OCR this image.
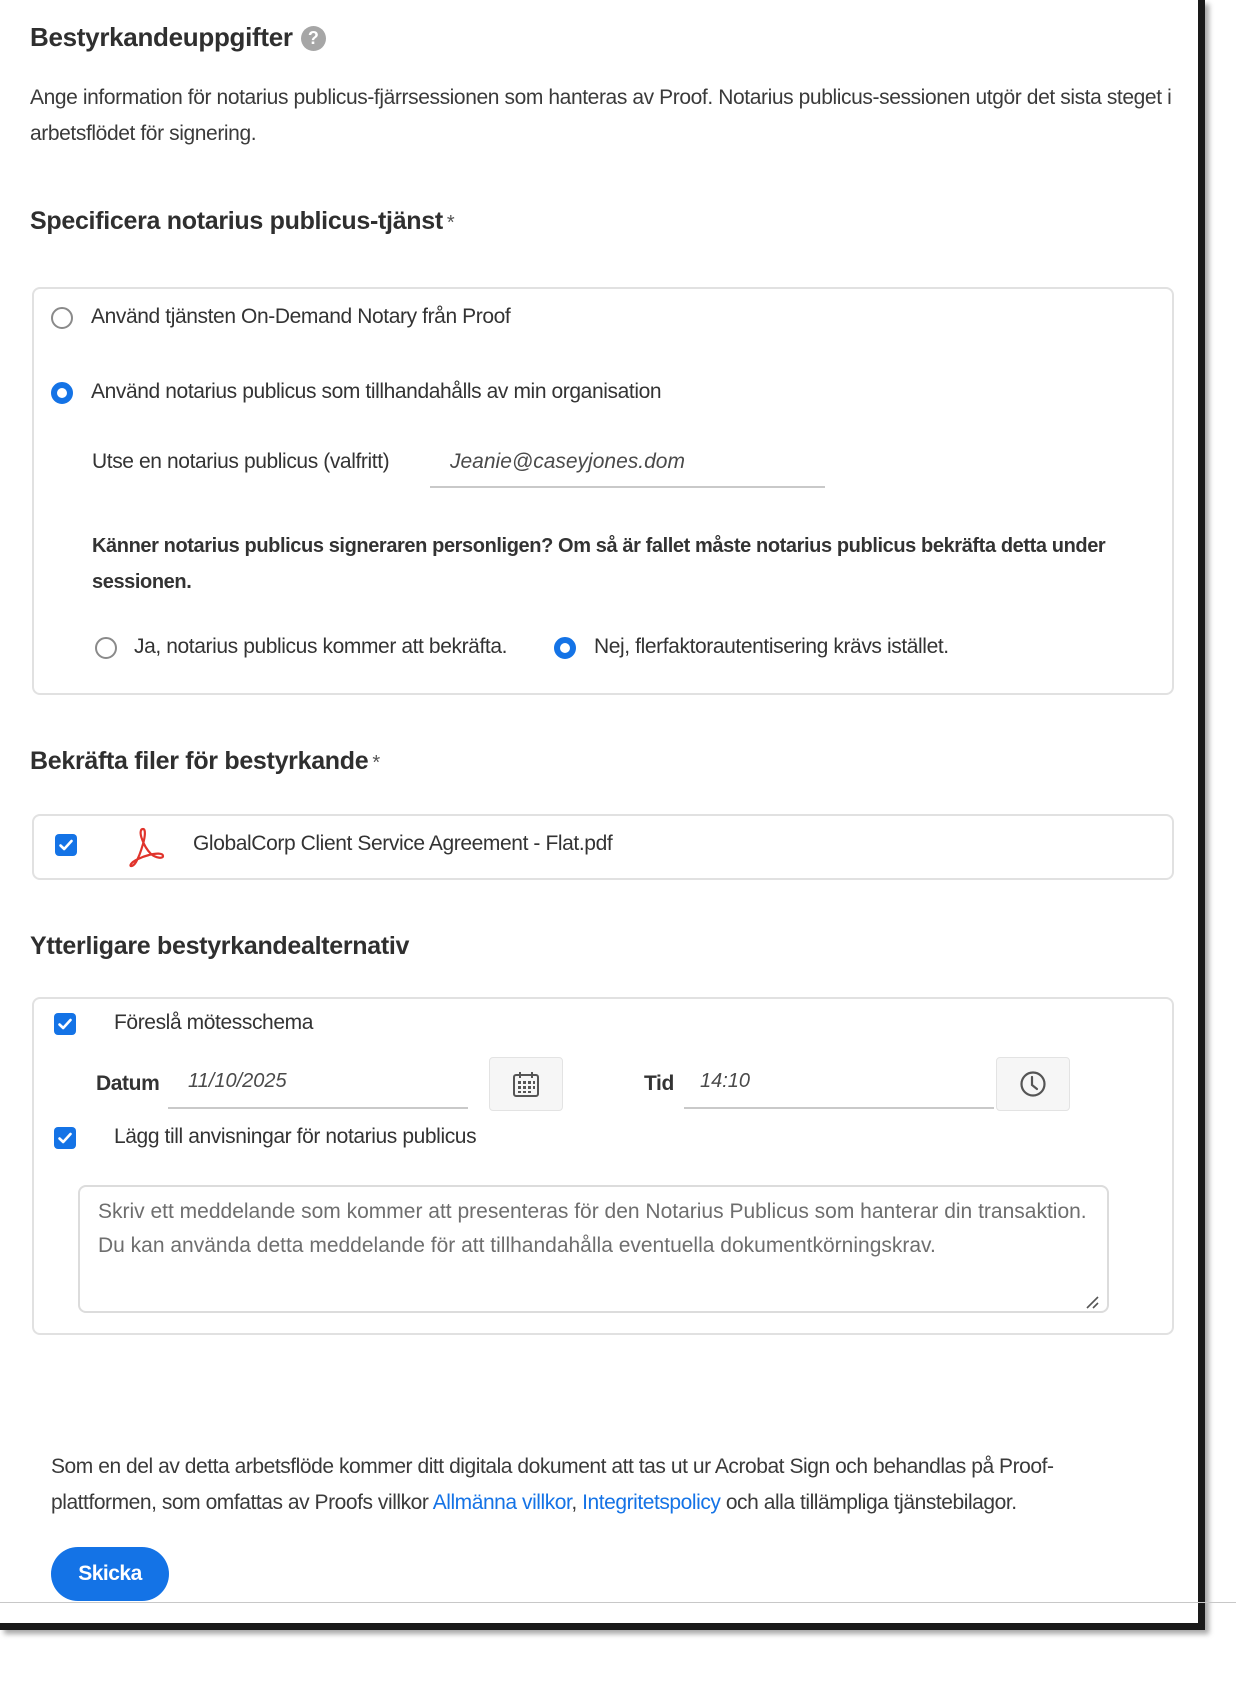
Bestyrkandeuppgifter ?
Ange information för notarius publicus-fjärrsessionen som hanteras av Proof. Notarius publicus-sessionen utgör det sista steget i arbetsflödet för signering.
Specificera notarius publicus-tjänst *
Använd tjänsten On-Demand Notary från Proof
Använd notarius publicus som tillhandahålls av min organisation
Utse en notarius publicus (valfritt)	Jeanie@caseyjones.dom
Känner notarius publicus signeraren personligen? Om så är fallet måste notarius publicus bekräfta detta under sessionen.
Ja, notarius publicus kommer att bekräfta.	Nej, flerfaktorautentisering krävs istället.
Bekräfta filer för bestyrkande *
GlobalCorp Client Service Agreement - Flat.pdf
Ytterligare bestyrkandealternativ
Föreslå mötesschema
Datum	11/10/2025	Tid	14:10
Lägg till anvisningar för notarius publicus
Skriv ett meddelande som kommer att presenteras för den Notarius Publicus som hanterar din transaktion. Du kan använda detta meddelande för att tillhandahålla eventuella dokumentkörningskrav.
Som en del av detta arbetsflöde kommer ditt digitala dokument att tas ut ur Acrobat Sign och behandlas på Proof-plattformen, som omfattas av Proofs villkor Allmänna villkor, Integritetspolicy och alla tillämpliga tjänstebilagor.
Skicka
